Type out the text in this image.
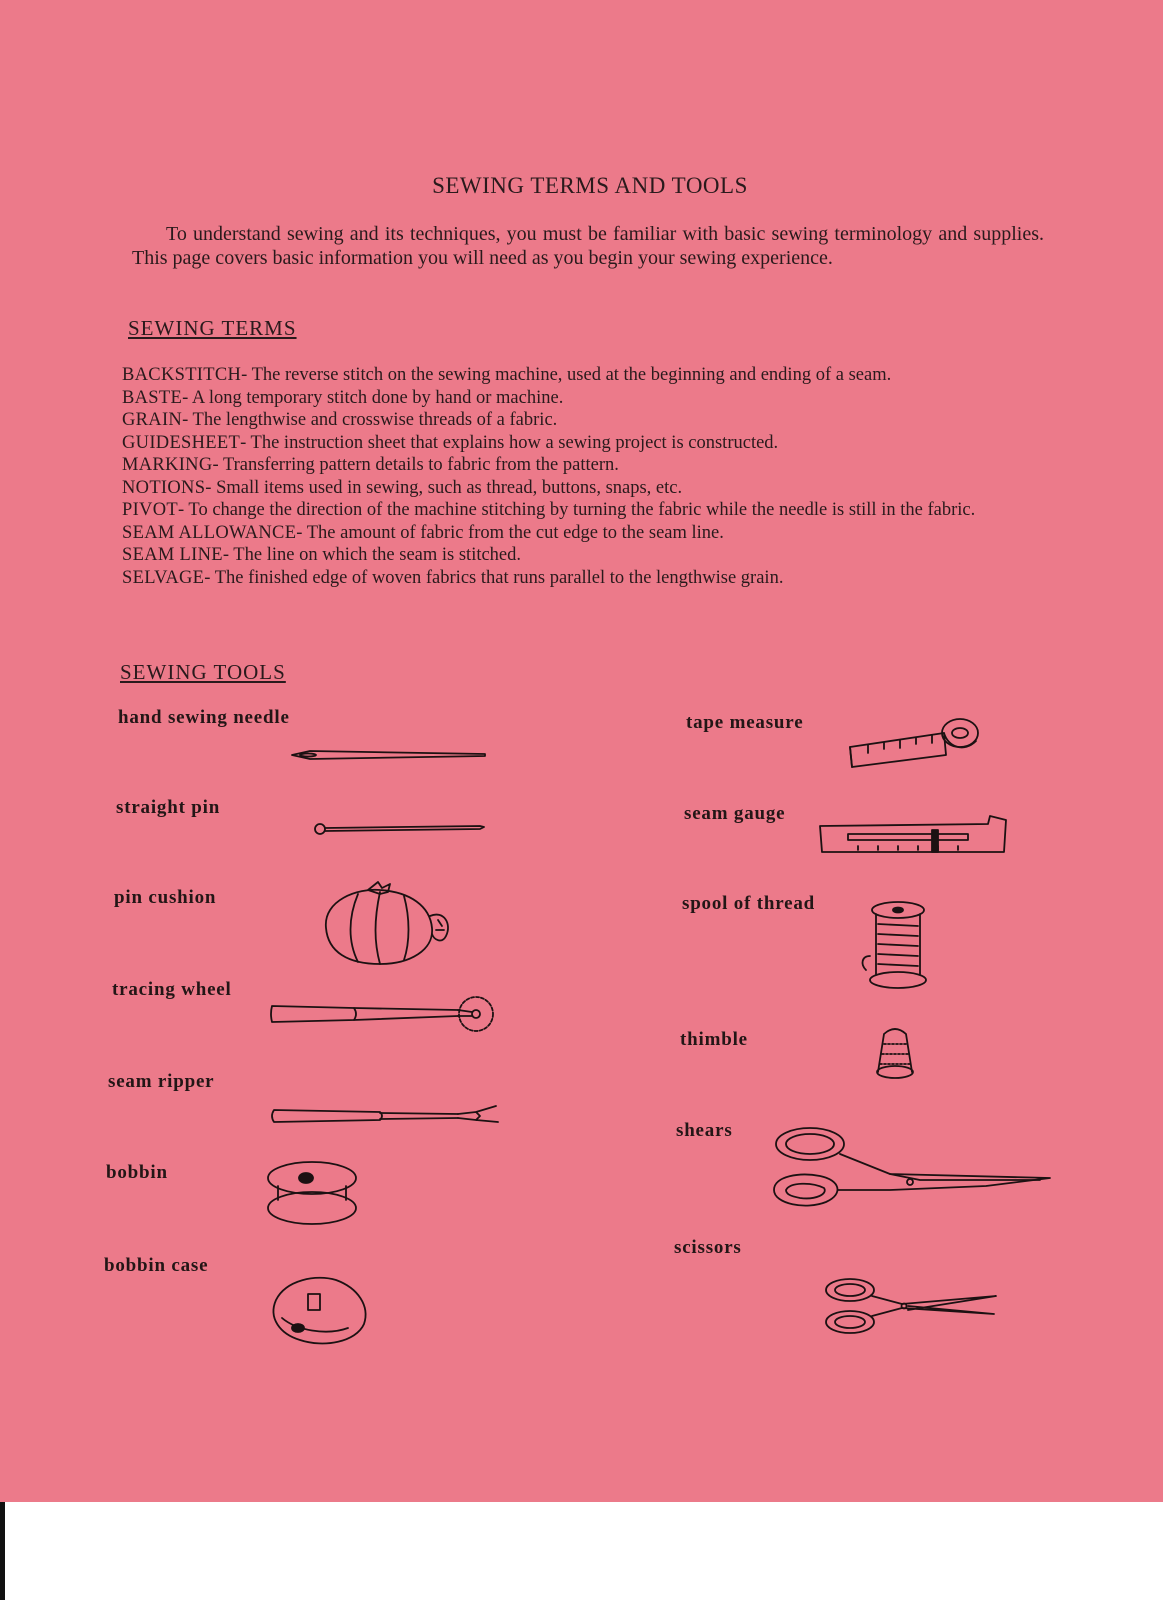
SEWING TERMS AND TOOLS
To understand sewing and its techniques, you must be familiar with basic sewing terminology and supplies. This page covers basic information you will need as you begin your sewing experience.
SEWING TERMS
BACKSTITCH- The reverse stitch on the sewing machine, used at the beginning and ending of a seam.
BASTE- A long temporary stitch done by hand or machine.
GRAIN- The lengthwise and crosswise threads of a fabric.
GUIDESHEET- The instruction sheet that explains how a sewing project is constructed.
MARKING- Transferring pattern details to fabric from the pattern.
NOTIONS- Small items used in sewing, such as thread, buttons, snaps, etc.
PIVOT- To change the direction of the machine stitching by turning the fabric while the needle is still in the fabric.
SEAM ALLOWANCE- The amount of fabric from the cut edge to the seam line.
SEAM LINE- The line on which the seam is stitched.
SELVAGE- The finished edge of woven fabrics that runs parallel to the lengthwise grain.
SEWING TOOLS
hand sewing needle
straight pin
pin cushion
tracing wheel
seam ripper
bobbin
bobbin case
tape measure
seam gauge
spool of thread
thimble
shears
scissors
